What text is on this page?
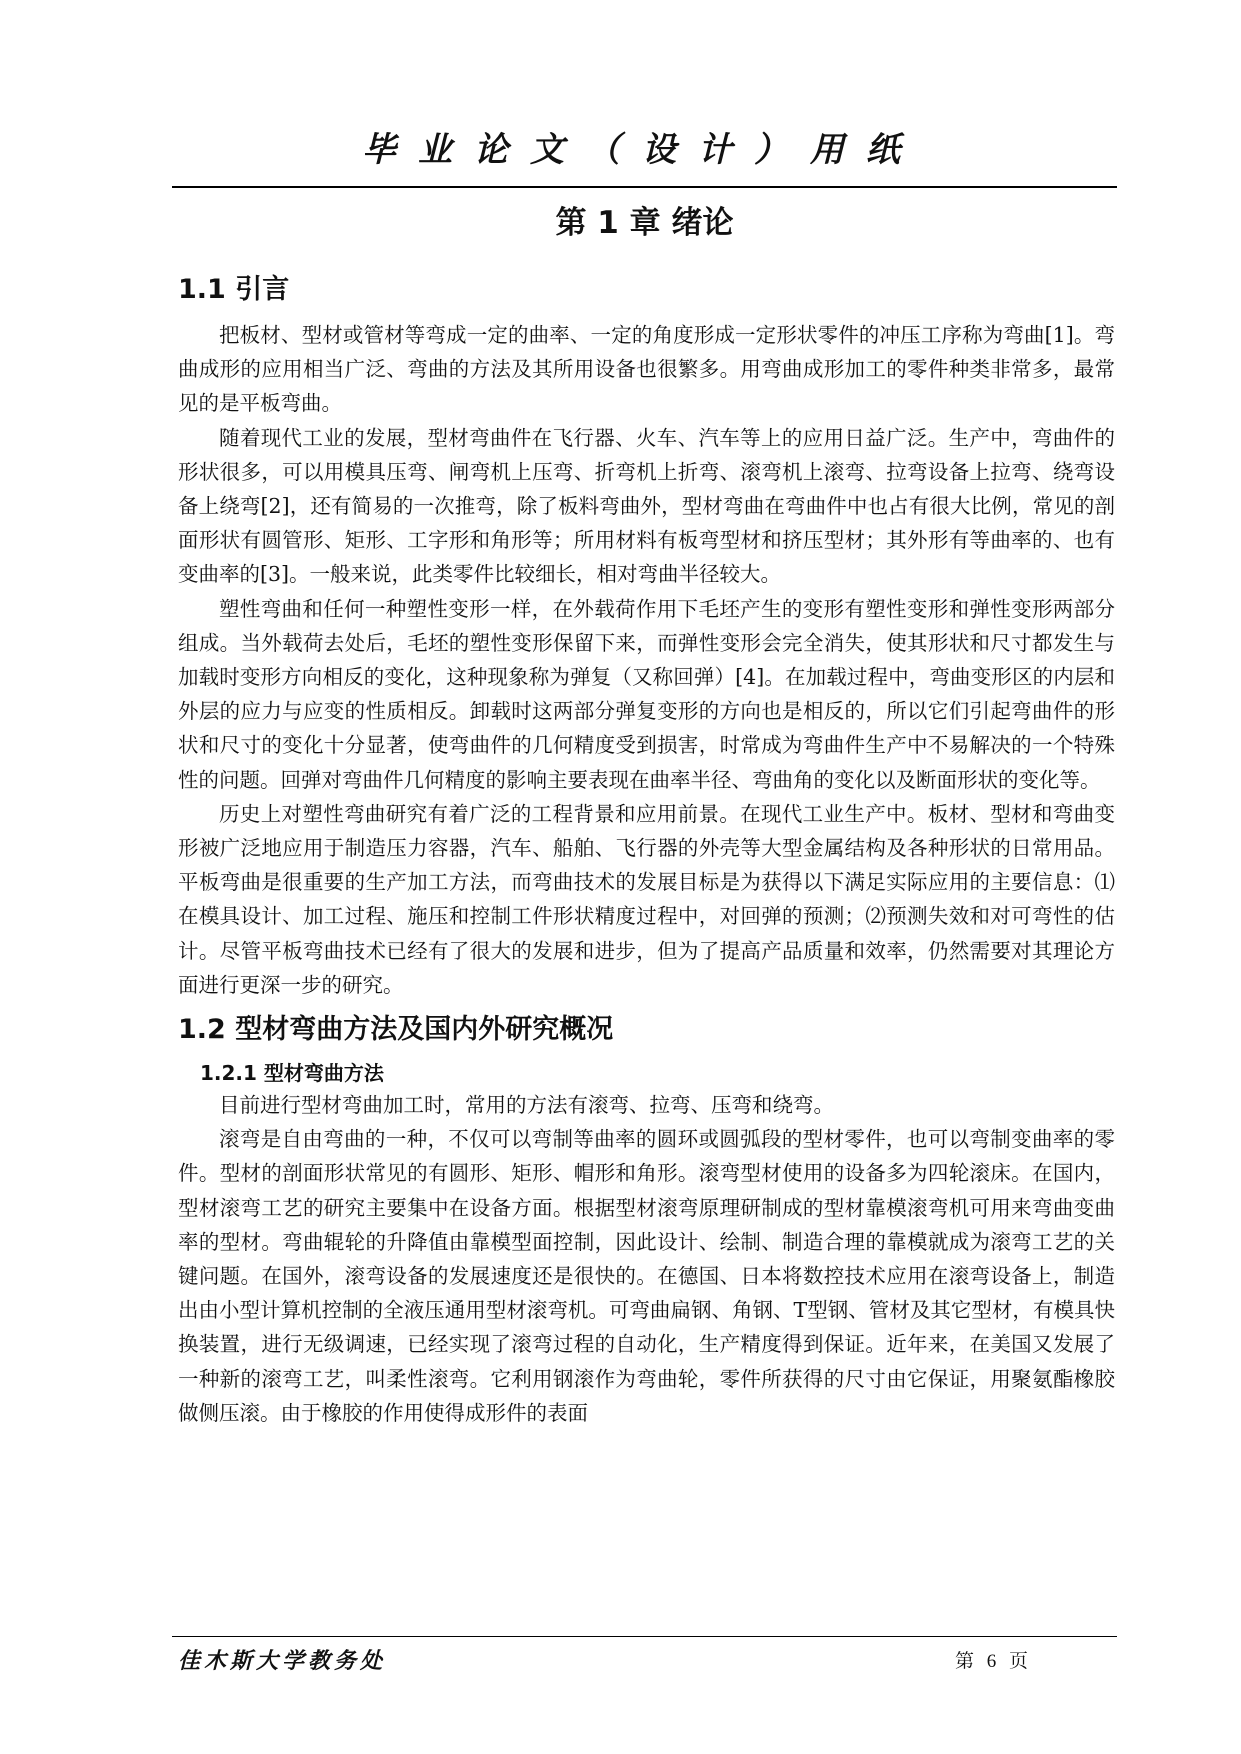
毕业论文（设计）用纸
第 1 章 绪论
1.1 引言

把板材、型材或管材等弯成一定的曲率、一定的角度形成一定形状零件的冲压工序称为弯曲[1]。弯曲成形的应用相当广泛、弯曲的方法及其所用设备也很繁多。用弯曲成形加工的零件种类非常多，最常见的是平板弯曲。

随着现代工业的发展，型材弯曲件在飞行器、火车、汽车等上的应用日益广泛。生产中，弯曲件的形状很多，可以用模具压弯、闸弯机上压弯、折弯机上折弯、滚弯机上滚弯、拉弯设备上拉弯、绕弯设备上绕弯[2]，还有简易的一次推弯，除了板料弯曲外，型材弯曲在弯曲件中也占有很大比例，常见的剖面形状有圆管形、矩形、工字形和角形等；所用材料有板弯型材和挤压型材；其外形有等曲率的、也有变曲率的[3]。一般来说，此类零件比较细长，相对弯曲半径较大。

塑性弯曲和任何一种塑性变形一样，在外载荷作用下毛坯产生的变形有塑性变形和弹性变形两部分组成。当外载荷去处后，毛坯的塑性变形保留下来，而弹性变形会完全消失，使其形状和尺寸都发生与加载时变形方向相反的变化，这种现象称为弹复（又称回弹）[4]。在加载过程中，弯曲变形区的内层和外层的应力与应变的性质相反。卸载时这两部分弹复变形的方向也是相反的，所以它们引起弯曲件的形状和尺寸的变化十分显著，使弯曲件的几何精度受到损害，时常成为弯曲件生产中不易解决的一个特殊性的问题。回弹对弯曲件几何精度的影响主要表现在曲率半径、弯曲角的变化以及断面形状的变化等。

历史上对塑性弯曲研究有着广泛的工程背景和应用前景。在现代工业生产中。板材、型材和弯曲变形被广泛地应用于制造压力容器，汽车、船舶、飞行器的外壳等大型金属结构及各种形状的日常用品。平板弯曲是很重要的生产加工方法，而弯曲技术的发展目标是为获得以下满足实际应用的主要信息：⑴在模具设计、加工过程、施压和控制工件形状精度过程中，对回弹的预测；⑵预测失效和对可弯性的估计。尽管平板弯曲技术已经有了很大的发展和进步，但为了提高产品质量和效率，仍然需要对其理论方面进行更深一步的研究。

1.2 型材弯曲方法及国内外研究概况
1.2.1 型材弯曲方法

目前进行型材弯曲加工时，常用的方法有滚弯、拉弯、压弯和绕弯。

滚弯是自由弯曲的一种，不仅可以弯制等曲率的圆环或圆弧段的型材零件，也可以弯制变曲率的零件。型材的剖面形状常见的有圆形、矩形、帽形和角形。滚弯型材使用的设备多为四轮滚床。在国内，型材滚弯工艺的研究主要集中在设备方面。根据型材滚弯原理研制成的型材靠模滚弯机可用来弯曲变曲率的型材。弯曲辊轮的升降值由靠模型面控制，因此设计、绘制、制造合理的靠模就成为滚弯工艺的关键问题。在国外，滚弯设备的发展速度还是很快的。在德国、日本将数控技术应用在滚弯设备上，制造出由小型计算机控制的全液压通用型材滚弯机。可弯曲扁钢、角钢、T型钢、管材及其它型材，有模具快换装置，进行无级调速，已经实现了滚弯过程的自动化，生产精度得到保证。近年来，在美国又发展了一种新的滚弯工艺，叫柔性滚弯。它利用钢滚作为弯曲轮，零件所获得的尺寸由它保证，用聚氨酯橡胶做侧压滚。由于橡胶的作用使得成形件的表面

佳木斯大学教务处	第 6 页
